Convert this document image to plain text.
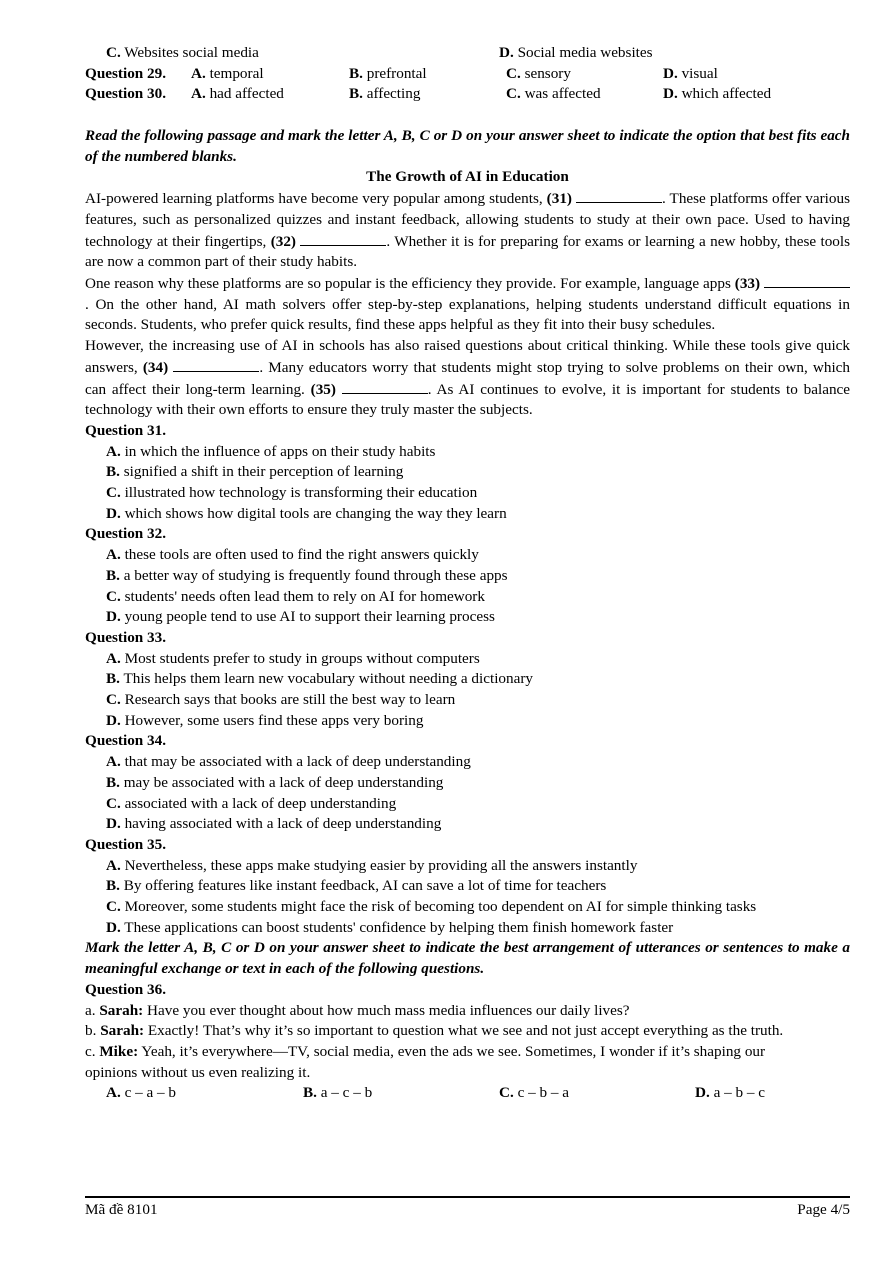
C. Websites social media	D. Social media websites
Question 29. A. temporal	B. prefrontal	C. sensory	D. visual
Question 30. A. had affected	B. affecting	C. was affected	D. which affected
Read the following passage and mark the letter A, B, C or D on your answer sheet to indicate the option that best fits each of the numbered blanks.
The Growth of AI in Education

AI-powered learning platforms have become very popular among students, (31)	. These platforms offer various features, such as personalized quizzes and instant feedback, allowing students to study at their own pace. Used to having technology at their fingertips, (32)	. Whether it is for preparing for exams or learning a new hobby, these tools are now a common part of their study habits.

One reason why these platforms are so popular is the efficiency they provide. For example, language apps (33) . On the other hand, AI math solvers offer step-by-step explanations, helping students understand difficult equations in seconds. Students, who prefer quick results, find these apps helpful as they fit into their busy schedules.

However, the increasing use of AI in schools has also raised questions about critical thinking. While these tools give quick answers, (34)	. Many educators worry that students might stop trying to solve problems on their own, which can affect their long-term learning. (35)	. As AI continues to evolve, it is important for students to balance technology with their own efforts to ensure they truly master the subjects.

Question 31.
A. in which the influence of apps on their study habits
B. signified a shift in their perception of learning
C. illustrated how technology is transforming their education
D. which shows how digital tools are changing the way they learn
Question 32.
A. these tools are often used to find the right answers quickly
B. a better way of studying is frequently found through these apps
C. students' needs often lead them to rely on AI for homework
D. young people tend to use AI to support their learning process
Question 33.
A. Most students prefer to study in groups without computers
B. This helps them learn new vocabulary without needing a dictionary
C. Research says that books are still the best way to learn
D. However, some users find these apps very boring
Question 34.
A. that may be associated with a lack of deep understanding
B. may be associated with a lack of deep understanding
C. associated with a lack of deep understanding
D. having associated with a lack of deep understanding
Question 35.
A. Nevertheless, these apps make studying easier by providing all the answers instantly
B. By offering features like instant feedback, AI can save a lot of time for teachers

C. Moreover, some students might face the risk of becoming too dependent on AI for simple thinking tasks

D. These applications can boost students' confidence by helping them finish homework faster
Mark the letter A, B, C or D on your answer sheet to indicate the best arrangement of utterances or sentences to make a meaningful exchange or text in each of the following questions.
Question 36.
a. Sarah: Have you ever thought about how much mass media influences our daily lives?
b. Sarah: Exactly! That’s why it’s so important to question what we see and not just accept everything as the truth.
c. Mike: Yeah, it’s everywhere—TV, social media, even the ads we see. Sometimes, I wonder if it’s shaping our opinions without us even realizing it.
A. c – a – b	B. a – c – b	C. c – b – a	D. a – b – c
Mã đề 8101	Page 4/5
